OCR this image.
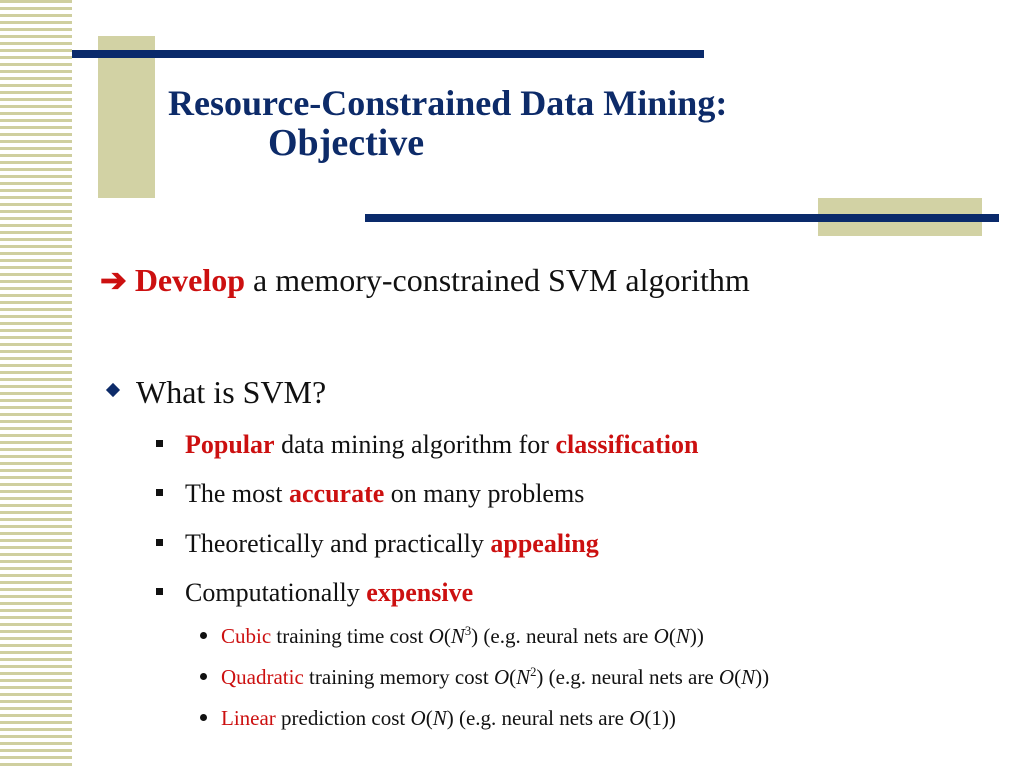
Resource-Constrained Data Mining:
Objective
➔ Develop a memory-constrained SVM algorithm
What is SVM?
Popular data mining algorithm for classification
The most accurate on many problems
Theoretically and practically appealing
Computationally expensive
Cubic training time cost $O(N^3)$ (e.g. neural nets are O(N))
Quadratic training memory cost $O(N^2)$ (e.g. neural nets are O(N))
Linear prediction cost O(N) (e.g. neural nets are O(1))
